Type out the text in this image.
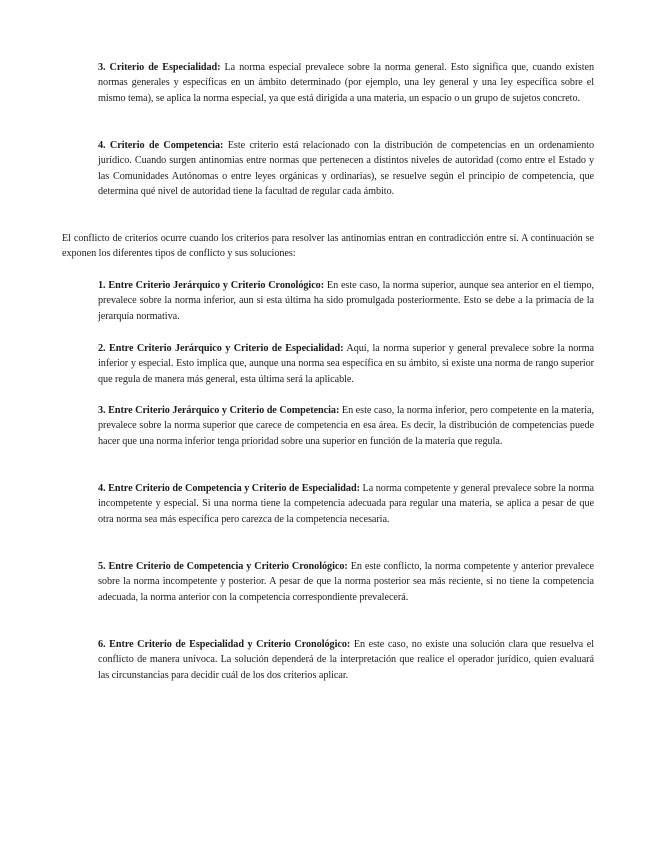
3. Criterio de Especialidad: La norma especial prevalece sobre la norma general. Esto significa que, cuando existen normas generales y específicas en un ámbito determinado (por ejemplo, una ley general y una ley específica sobre el mismo tema), se aplica la norma especial, ya que está dirigida a una materia, un espacio o un grupo de sujetos concreto.

4. Criterio de Competencia: Este criterio está relacionado con la distribución de competencias en un ordenamiento jurídico. Cuando surgen antinomias entre normas que pertenecen a distintos niveles de autoridad (como entre el Estado y las Comunidades Autónomas o entre leyes orgánicas y ordinarias), se resuelve según el principio de competencia, que determina qué nivel de autoridad tiene la facultad de regular cada ámbito.

El conflicto de criterios ocurre cuando los criterios para resolver las antinomias entran en contradicción entre sí. A continuación se exponen los diferentes tipos de conflicto y sus soluciones:

1. Entre Criterio Jerárquico y Criterio Cronológico: En este caso, la norma superior, aunque sea anterior en el tiempo, prevalece sobre la norma inferior, aun si esta última ha sido promulgada posteriormente. Esto se debe a la primacía de la jerarquía normativa.

2. Entre Criterio Jerárquico y Criterio de Especialidad: Aquí, la norma superior y general prevalece sobre la norma inferior y especial. Esto implica que, aunque una norma sea específica en su ámbito, si existe una norma de rango superior que regula de manera más general, esta última será la aplicable.

3. Entre Criterio Jerárquico y Criterio de Competencia: En este caso, la norma inferior, pero competente en la materia, prevalece sobre la norma superior que carece de competencia en esa área. Es decir, la distribución de competencias puede hacer que una norma inferior tenga prioridad sobre una superior en función de la materia que regula.

4. Entre Criterio de Competencia y Criterio de Especialidad: La norma competente y general prevalece sobre la norma incompetente y especial. Si una norma tiene la competencia adecuada para regular una materia, se aplica a pesar de que otra norma sea más específica pero carezca de la competencia necesaria.

5. Entre Criterio de Competencia y Criterio Cronológico: En este conflicto, la norma competente y anterior prevalece sobre la norma incompetente y posterior. A pesar de que la norma posterior sea más reciente, si no tiene la competencia adecuada, la norma anterior con la competencia correspondiente prevalecerá.

6. Entre Criterio de Especialidad y Criterio Cronológico: En este caso, no existe una solución clara que resuelva el conflicto de manera unívoca. La solución dependerá de la interpretación que realice el operador jurídico, quien evaluará las circunstancias para decidir cuál de los dos criterios aplicar.
